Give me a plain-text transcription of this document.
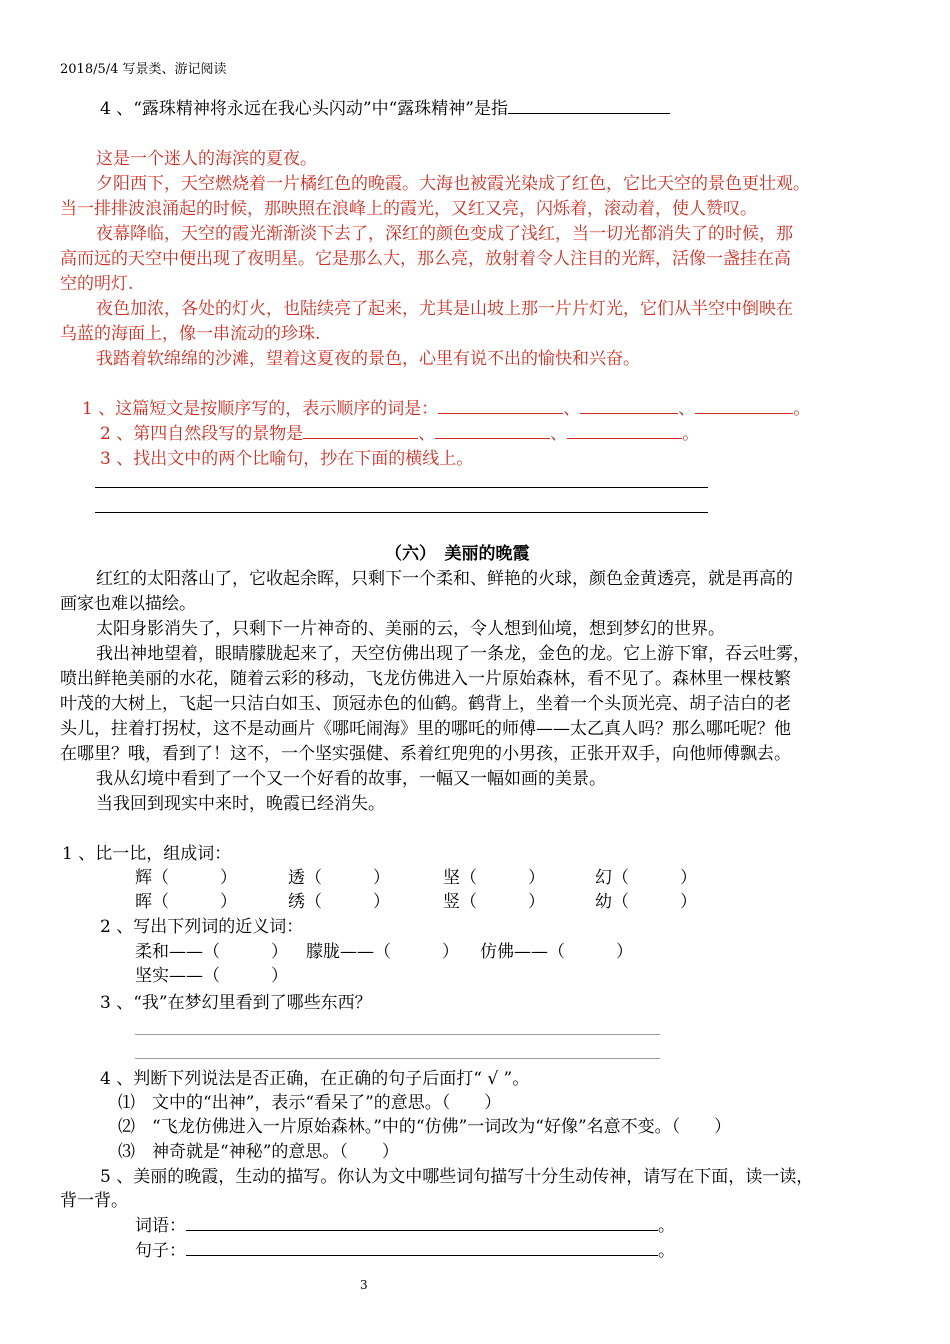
2018/5/4 写景类、游记阅读
4 、“露珠精神将永远在我心头闪动”中“露珠精神”是指
这是一个迷人的海滨的夏夜。
夕阳西下，天空燃烧着一片橘红色的晚霞。大海也被霞光染成了红色，它比天空的景色更壮观。
当一排排波浪涌起的时候，那映照在浪峰上的霞光，又红又亮，闪烁着，滚动着，使人赞叹。
夜幕降临，天空的霞光渐渐淡下去了，深红的颜色变成了浅红，当一切光都消失了的时候，那
高而远的天空中便出现了夜明星。它是那么大，那么亮，放射着令人注目的光辉，活像一盏挂在高
空的明灯.
夜色加浓，各处的灯火，也陆续亮了起来，尤其是山坡上那一片片灯光，它们从半空中倒映在
乌蓝的海面上，像一串流动的珍珠.
我踏着软绵绵的沙滩，望着这夏夜的景色，心里有说不出的愉快和兴奋。
1 、这篇短文是按顺序写的，表示顺序的词是：	、	、	。
2 、第四自然段写的景物是	、	、	。
3 、找出文中的两个比喻句，抄在下面的横线上。
（六）　美丽的晚霞
红红的太阳落山了，它收起余晖，只剩下一个柔和、鲜艳的火球，颜色金黄透亮，就是再高的
画家也难以描绘。
太阳身影消失了，只剩下一片神奇的、美丽的云，令人想到仙境，想到梦幻的世界。
我出神地望着，眼睛朦胧起来了，天空仿佛出现了一条龙，金色的龙。它上游下窜，吞云吐雾，
喷出鲜艳美丽的水花，随着云彩的移动，飞龙仿佛进入一片原始森林，看不见了。森林里一棵枝繁
叶茂的大树上，飞起一只洁白如玉、顶冠赤色的仙鹤。鹤背上，坐着一个头顶光亮、胡子洁白的老
头儿，拄着打拐杖，这不是动画片《哪吒闹海》里的哪吒的师傅——太乙真人吗？那么哪吒呢？他
在哪里？哦，看到了！这不，一个坚实强健、系着红兜兜的小男孩，正张开双手，向他师傅飘去。
我从幻境中看到了一个又一个好看的故事，一幅又一幅如画的美景。
当我回到现实中来时，晚霞已经消失。
1 、比一比，组成词：
辉（　　　）	透（　　　）	坚（　　　）	幻（　　　）
晖（　　　）	绣（　　　）	竖（　　　）	幼（　　　）
2 、写出下列词的近义词：
柔和——（　　　） 朦胧——（　　　） 仿佛——（　　　）
坚实——（　　　）
3 、“我”在梦幻里看到了哪些东西？
4 、判断下列说法是否正确，在正确的句子后面打“ √ ”。
⑴　文中的“出神”，表示“看呆了”的意思。（　　）
⑵　“飞龙仿佛进入一片原始森林。”中的“仿佛”一词改为“好像”名意不变。（　　）
⑶　神奇就是“神秘”的意思。（　　）
5 、美丽的晚霞，生动的描写。你认为文中哪些词句描写十分生动传神，请写在下面，读一读，
背一背。
词语：	。
句子：	。
3
